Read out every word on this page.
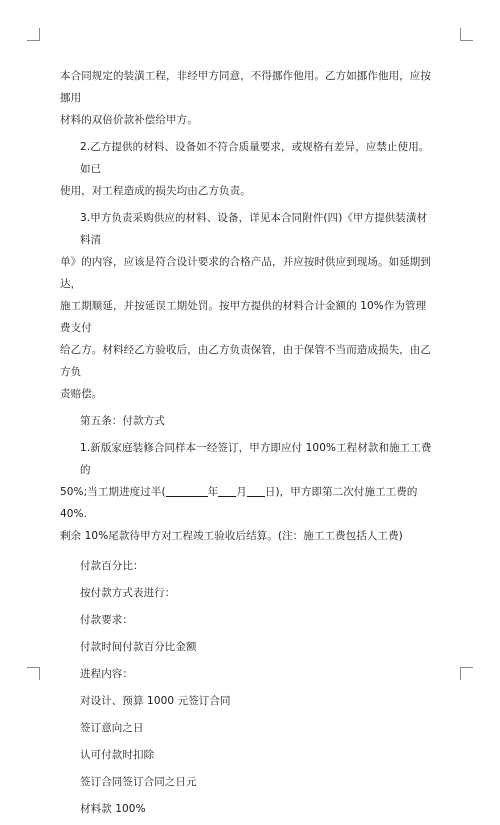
本合同规定的装潢工程，非经甲方同意，不得挪作他用。乙方如挪作他用，应按挪用

材料的双倍价款补偿给甲方。

2.乙方提供的材料、设备如不符合质量要求，或规格有差异，应禁止使用。如已

使用，对工程造成的损失均由乙方负责。

3.甲方负责采购供应的材料、设备，详见本合同附件(四)《甲方提供装潢材料清

单》的内容，应该是符合设计要求的合格产品，并应按时供应到现场。如延期到达，

施工期顺延，并按延误工期处罚。按甲方提供的材料合计金额的 10%作为管理费支付

给乙方。材料经乙方验收后，由乙方负责保管，由于保管不当而造成损失，由乙方负

责赔偿。

第五条：付款方式

1.新版家庭装修合同样本一经签订，甲方即应付 100%工程材款和施工工费的

50%;当工期进度过半(	年 月 日)，甲方即第二次付施工工费的 40%.

剩余 10%尾款待甲方对工程竣工验收后结算。(注：施工工费包括人工费)

付款百分比：

按付款方式表进行：

付款要求：

付款时间付款百分比金额

进程内容：

对设计、预算 1000 元签订合同

签订意向之日

认可付款时扣除

签订合同签订合同之日元

材料款 100%
